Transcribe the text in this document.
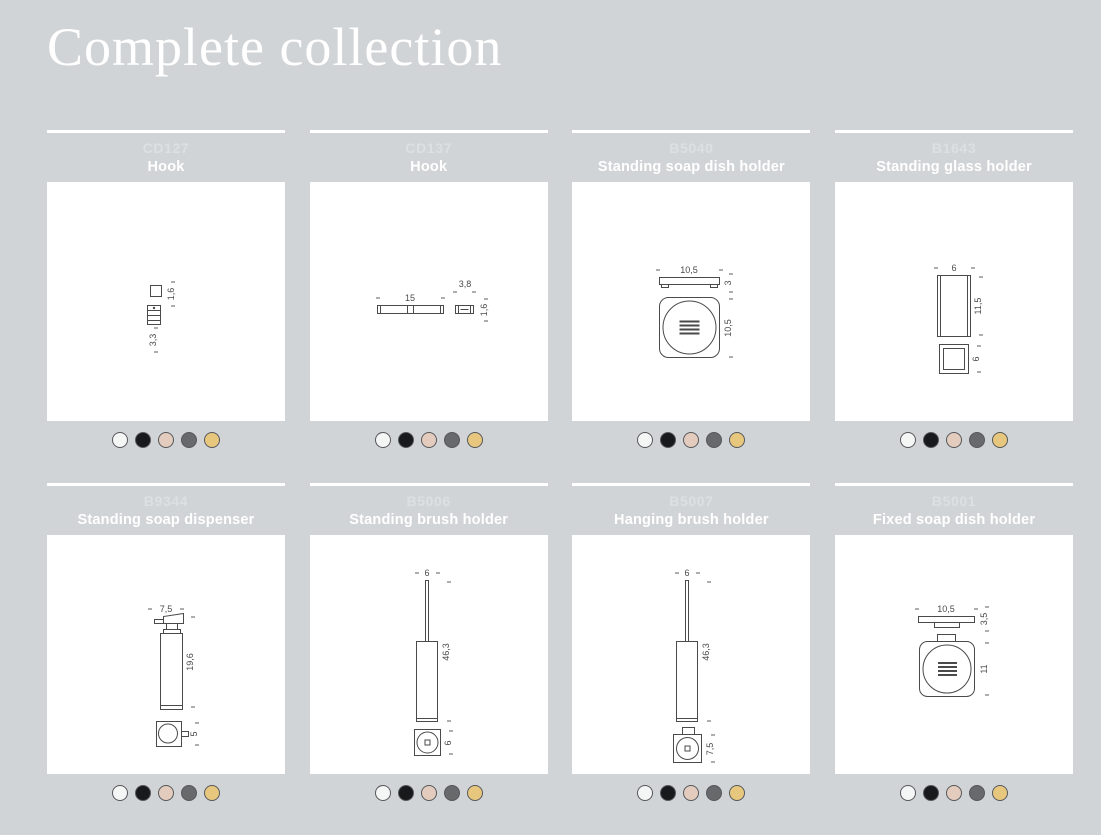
Complete collection
CD127
Hook
1,6
3,3
CD137
Hook
15
3,8
1,6
B5040
Standing soap dish holder
10,5
3
10,5
B1643
Standing glass holder
6
11,5
6
B9344
Standing soap dispenser
7,5
19,6
5
B5006
Standing brush holder
6
46,3
6
B5007
Hanging brush holder
6
46,3
7,5
B5001
Fixed soap dish holder
10,5
3,5
11
